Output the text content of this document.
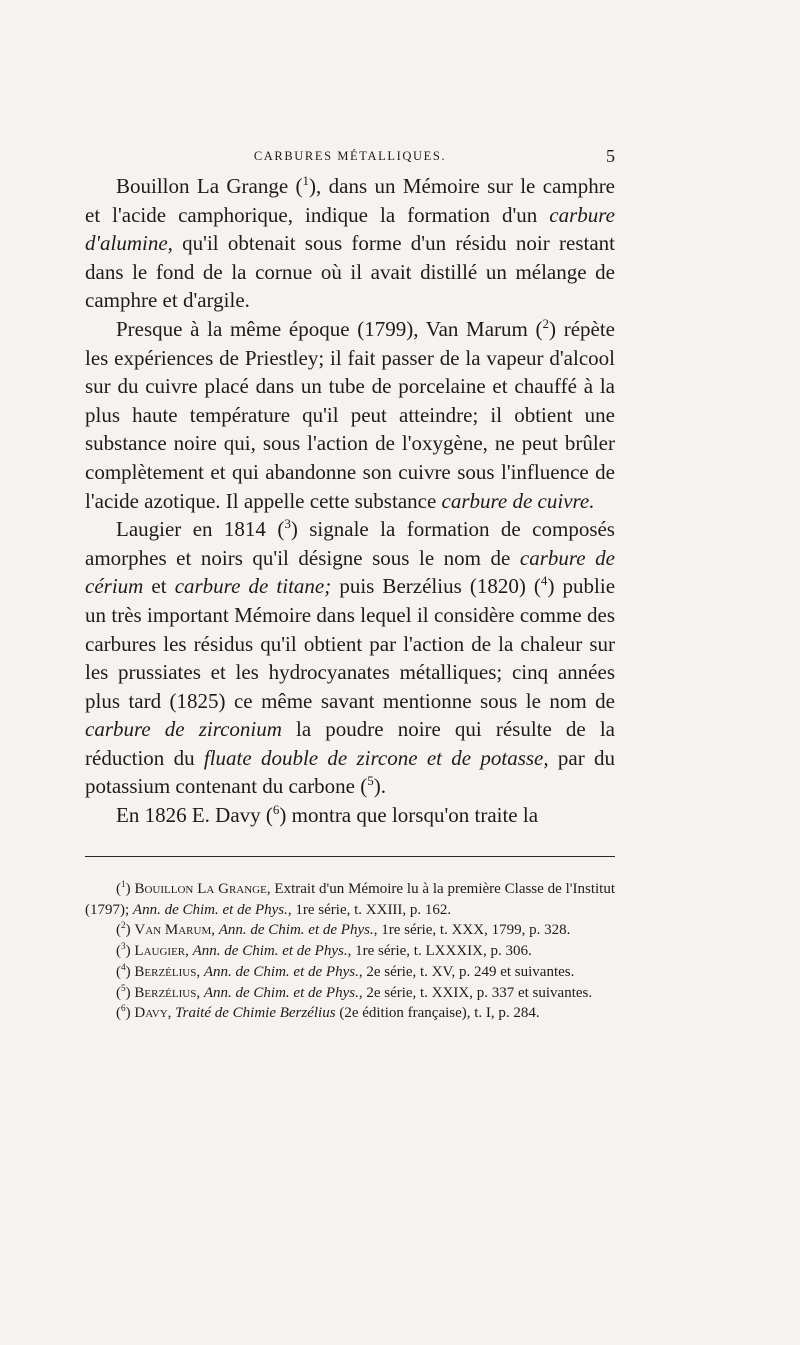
CARBURES MÉTALLIQUES.	5

Bouillon La Grange ($^1$), dans un Mémoire sur le camphre et l'acide camphorique, indique la formation d'un carbure d'alumine, qu'il obtenait sous forme d'un résidu noir restant dans le fond de la cornue où il avait distillé un mélange de camphre et d'argile.

Presque à la même époque (1799), Van Marum ($^2$) répète les expériences de Priestley; il fait passer de la vapeur d'alcool sur du cuivre placé dans un tube de porcelaine et chauffé à la plus haute température qu'il peut atteindre; il obtient une substance noire qui, sous l'action de l'oxygène, ne peut brûler complètement et qui abandonne son cuivre sous l'influence de l'acide azotique. Il appelle cette substance carbure de cuivre.

Laugier en 1814 ($^3$) signale la formation de composés amorphes et noirs qu'il désigne sous le nom de carbure de cérium et carbure de titane; puis Berzélius (1820) ($^4$) publie un très important Mémoire dans lequel il considère comme des carbures les résidus qu'il obtient par l'action de la chaleur sur les prussiates et les hydrocyanates métalliques; cinq années plus tard (1825) ce même savant mentionne sous le nom de carbure de zirconium la poudre noire qui résulte de la réduction du fluate double de zircone et de potasse, par du potassium contenant du carbone ($^5$).

En 1826 E. Davy ($^6$) montra que lorsqu'on traite la

($^1$) Bouillon La Grange, Extrait d'un Mémoire lu à la première Classe de l'Institut (1797); Ann. de Chim. et de Phys., 1re série, t. XXIII, p. 162.

($^2$) Van Marum, Ann. de Chim. et de Phys., 1re série, t. XXX, 1799, p. 328.

($^3$) Laugier, Ann. de Chim. et de Phys., 1re série, t. LXXXIX, p. 306.

($^4$) Berzélius, Ann. de Chim. et de Phys., 2e série, t. XV, p. 249 et suivantes.

($^5$) Berzélius, Ann. de Chim. et de Phys., 2e série, t. XXIX, p. 337 et suivantes.

($^6$) Davy, Traité de Chimie Berzélius (2e édition française), t. I, p. 284.
